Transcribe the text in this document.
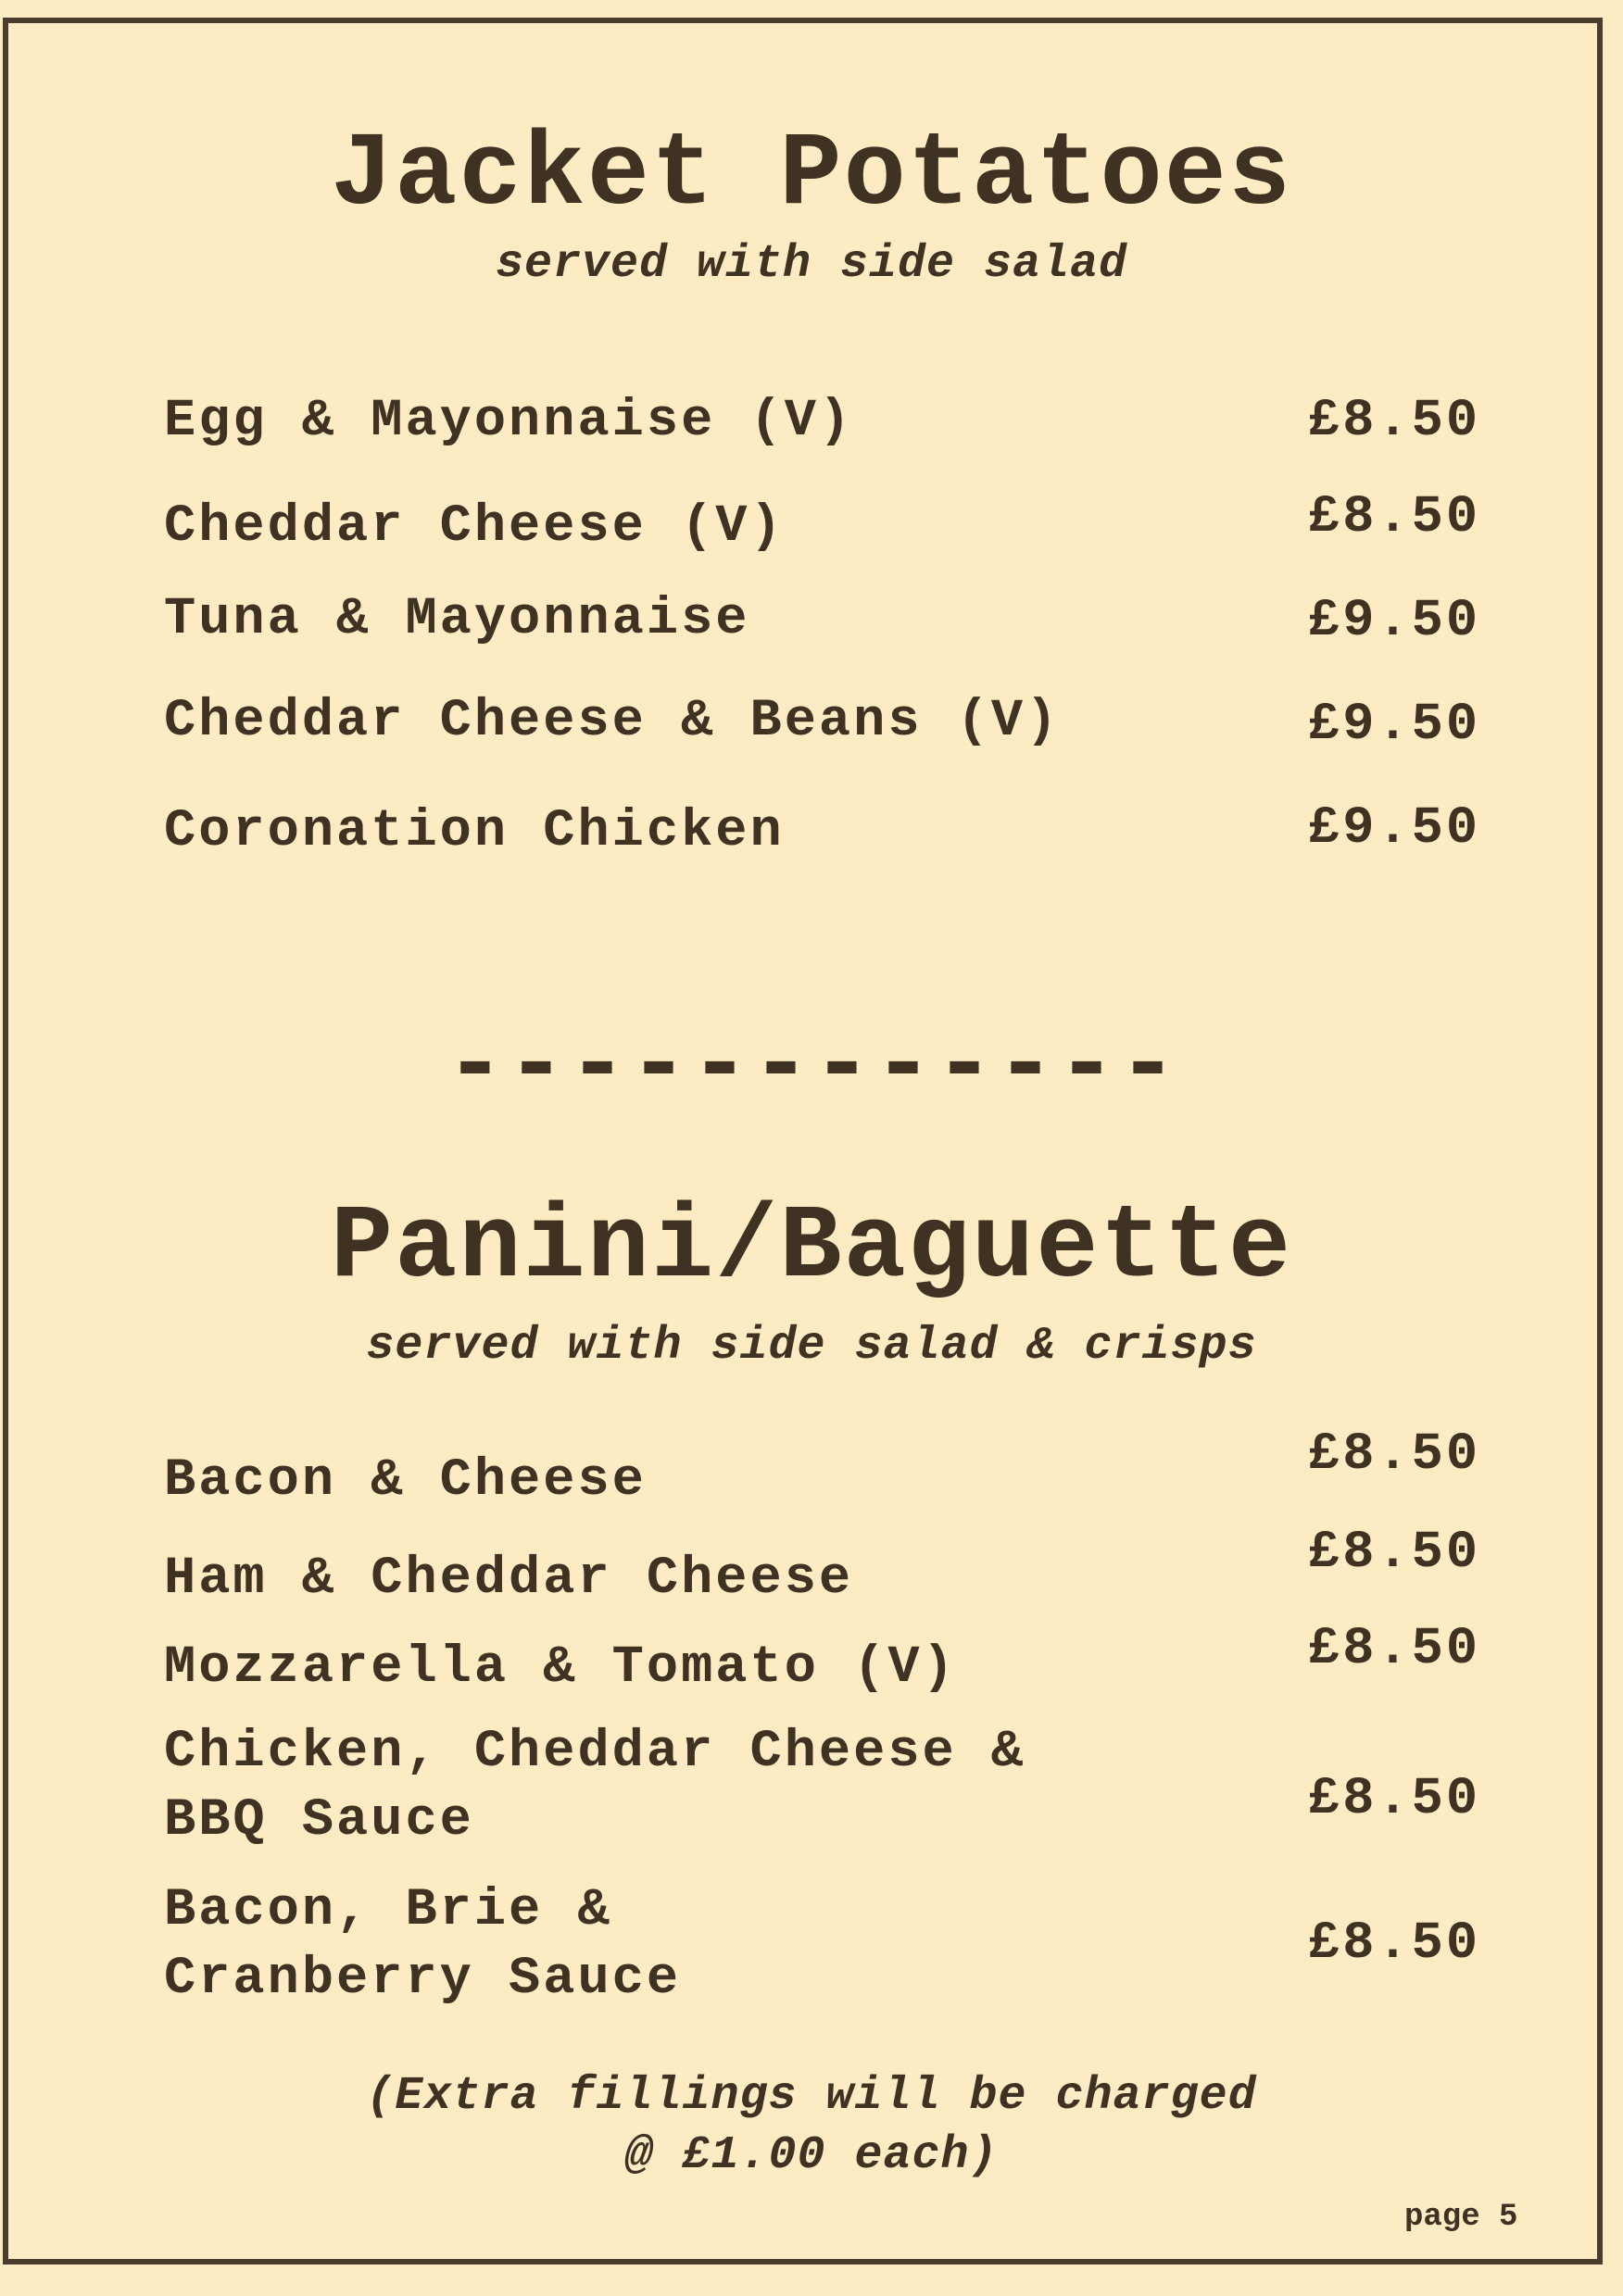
Jacket Potatoes
served with side salad
Egg & Mayonnaise (V)	£8.50
Cheddar Cheese (V)	£8.50
Tuna & Mayonnaise	£9.50
Cheddar Cheese & Beans (V)	£9.50
Coronation Chicken	£9.50
------------
Panini/Baguette
served with side salad & crisps
Bacon & Cheese	£8.50
Ham & Cheddar Cheese	£8.50
Mozzarella & Tomato (V)	£8.50
Chicken, Cheddar Cheese &
BBQ Sauce	£8.50
Bacon, Brie &
Cranberry Sauce
£8.50
(Extra fillings will be charged
@ £1.00 each)
page 5
